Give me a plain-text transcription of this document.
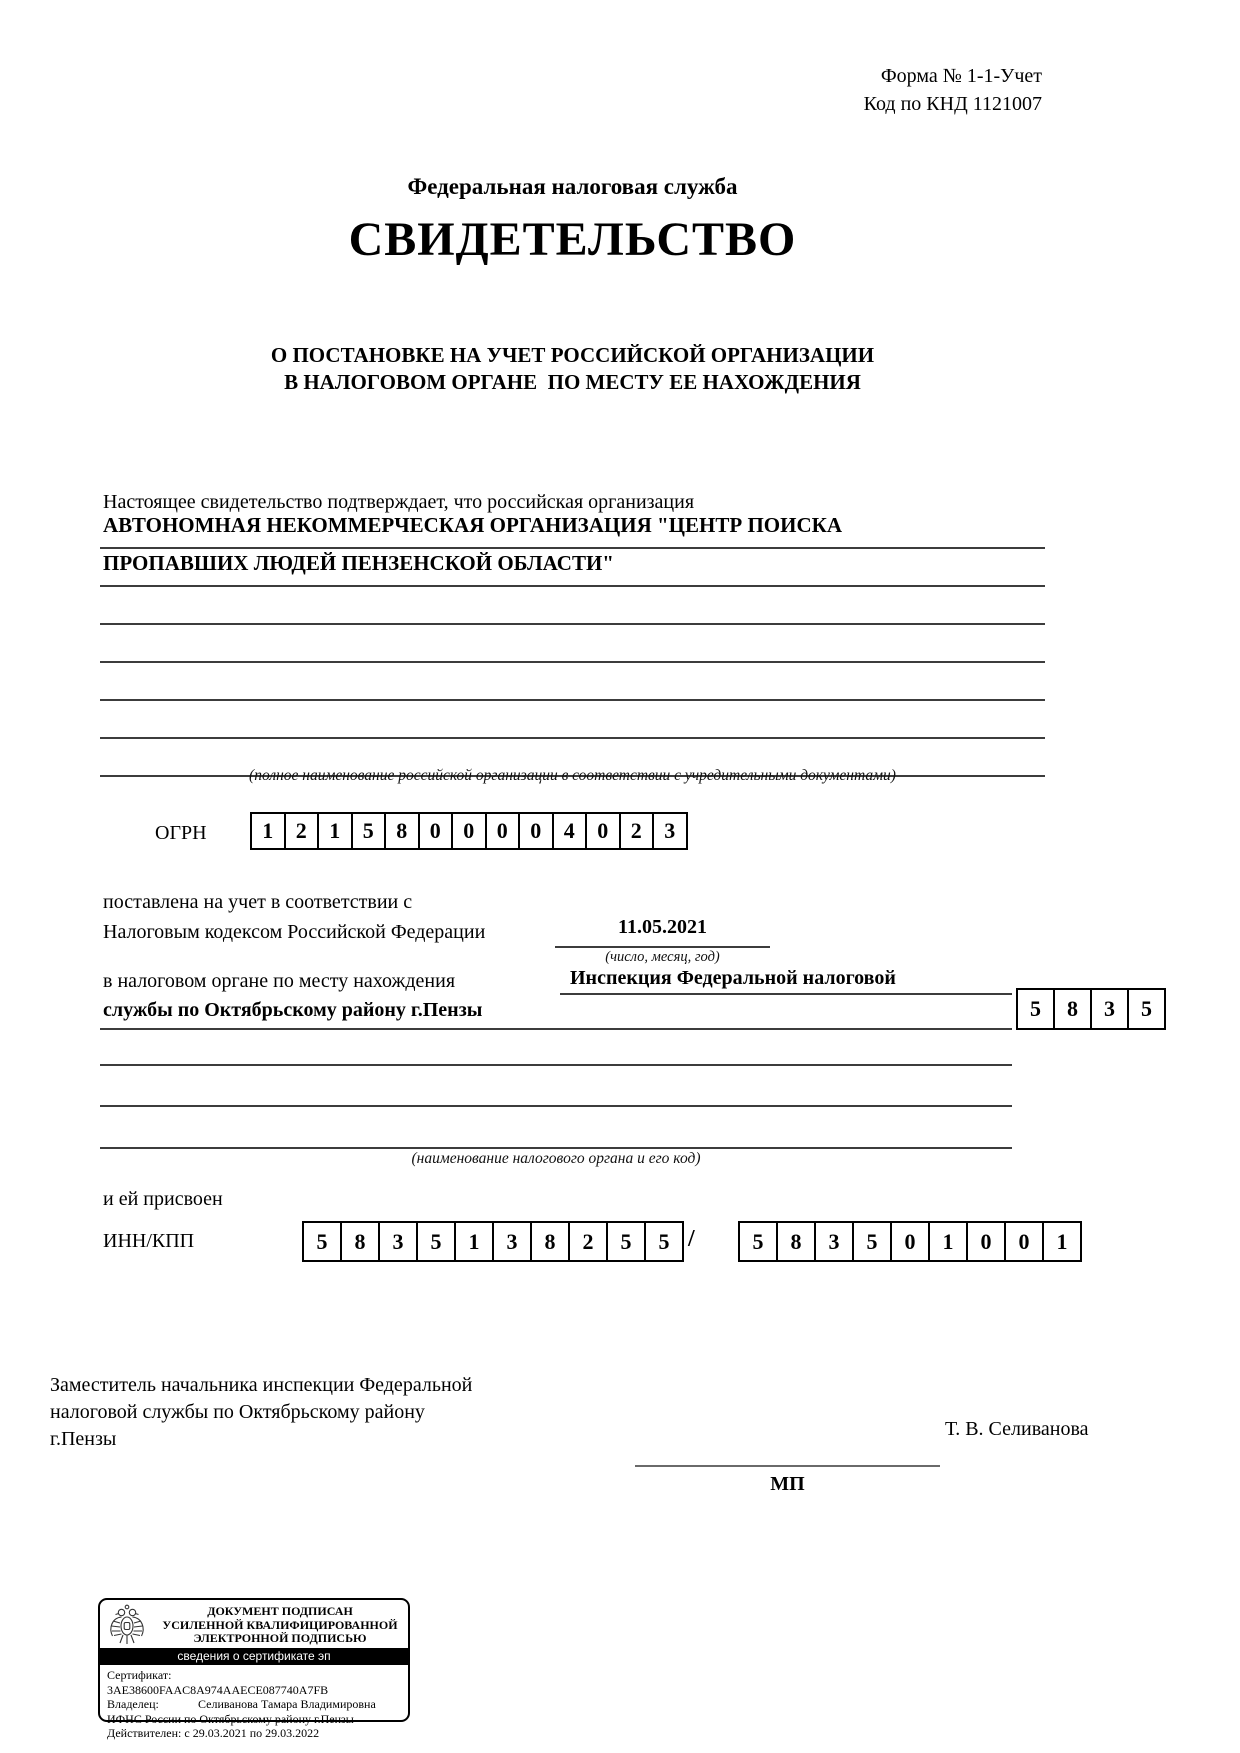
Форма № 1-1-Учет
Код по КНД 1121007
Федеральная налоговая служба
СВИДЕТЕЛЬСТВО
О ПОСТАНОВКЕ НА УЧЕТ РОССИЙСКОЙ ОРГАНИЗАЦИИ
В НАЛОГОВОМ ОРГАНЕ  ПО МЕСТУ ЕЕ НАХОЖДЕНИЯ
Настоящее свидетельство подтверждает, что российская организация
АВТОНОМНАЯ НЕКОММЕРЧЕСКАЯ ОРГАНИЗАЦИЯ "ЦЕНТР ПОИСКА
ПРОПАВШИХ ЛЮДЕЙ ПЕНЗЕНСКОЙ ОБЛАСТИ"
(полное наименование российской организации в соответствии с учредительными документами)
ОГРН	1	2	1	5	8	0	0	0	0	4	0	2	3
поставлена на учет в соответствии с
Налоговым кодексом Российской Федерации	11.05.2021
(число, месяц, год)
в налоговом органе по месту нахождения	Инспекция Федеральной налоговой
службы по Октябрьскому району г.Пензы	5	8	3	5
(наименование налогового органа и его код)
и ей присвоен
ИНН/КПП	5	8	3	5	1	3	8	2	5	5 /	5	8	3	5	0	1	0	0	1
Заместитель начальника инспекции Федеральной
налоговой службы по Октябрьскому району
г.Пензы	Т. В. Селиванова
МП
ДОКУМЕНТ ПОДПИСАН
УСИЛЕННОЙ КВАЛИФИЦИРОВАННОЙ
ЭЛЕКТРОННОЙ ПОДПИСЬЮ
сведения о сертификате эп
Сертификат: 3AE38600FAAC8A974AAECE087740A7FB
Владелец:	Селиванова Тамара Владимировна
ИФНС России по Октябрьскому району г.Пензы
Действителен: с 29.03.2021 по 29.03.2022
